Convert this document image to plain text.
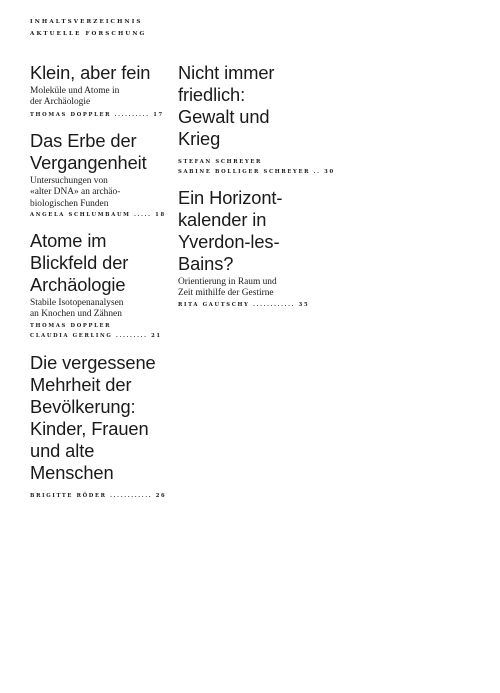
INHALTSVERZEICHNIS
AKTUELLE FORSCHUNG
Klein, aber fein
Moleküle und Atome in
der Archäologie
THOMAS DOPPLER .......... 17
Das Erbe der
Vergangenheit
Untersuchungen von
«alter DNA» an archäo-
biologischen Funden
ANGELA SCHLUMBAUM ..... 18
Atome im
Blickfeld der
Archäologie
Stabile Isotopenanalysen
an Knochen und Zähnen
THOMAS DOPPLER
CLAUDIA GERLING ......... 21
Die vergessene
Mehrheit der
Bevölkerung:
Kinder, Frauen
und alte
Menschen
BRIGITTE RÖDER ............ 26
Nicht immer
friedlich:
Gewalt und
Krieg
STEFAN SCHREYER
SABINE BOLLIGER SCHREYER .. 30
Ein Horizont-
kalender in
Yverdon-les-
Bains?
Orientierung in Raum und
Zeit mithilfe der Gestirne
RITA GAUTSCHY ............ 35
